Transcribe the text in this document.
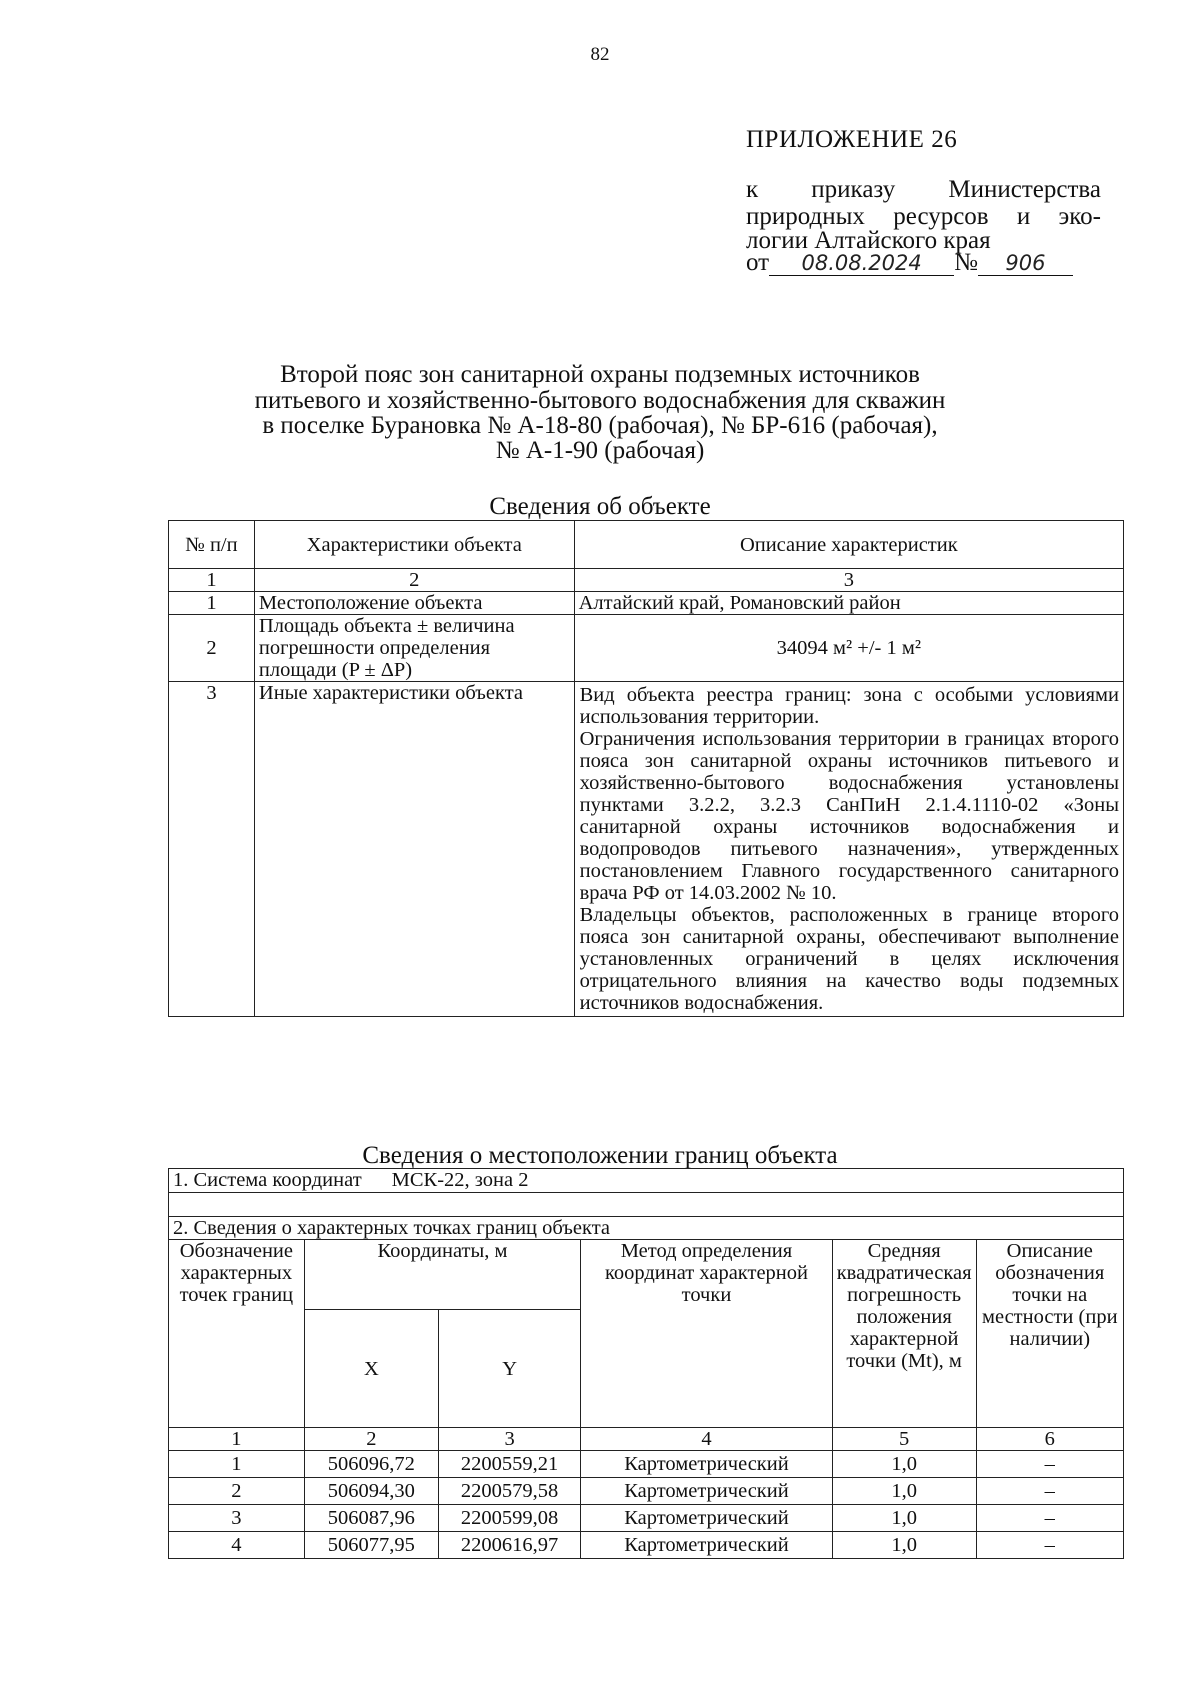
82
ПРИЛОЖЕНИЕ 26
к приказу Министерства
природных ресурсов и эко-
логии Алтайского края
от 08.08.2024 № 906
Второй пояс зон санитарной охраны подземных источников
питьевого и хозяйственно-бытового водоснабжения для скважин
в поселке Бурановка № А-18-80 (рабочая), № БР-616 (рабочая),
№ А-1-90 (рабочая)
Сведения об объекте
№ п/п	Характеристики объекта	Описание характеристик
1	2	3
1	Местоположение объекта	Алтайский край, Романовский район
2	Площадь объекта ± величина погрешности определения площади (P ± ΔP)	34094 м² +/- 1 м²
3	Иные характеристики объекта	Вид объекта реестра границ: зона с особыми условиями использования территории.
Ограничения использования территории в границах второго пояса зон санитарной охраны источников питьевого и хозяйственно-бытового водоснабжения установлены пунктами 3.2.2, 3.2.3 СанПиН 2.1.4.1110-02 «Зоны санитарной охраны источников водоснабжения и водопроводов питьевого назначения», утвержденных постановлением Главного государственного санитарного врача РФ от 14.03.2002 № 10.
Владельцы объектов, расположенных в границе второго пояса зон санитарной охраны, обеспечивают выполнение установленных ограничений в целях исключения отрицательного влияния на качество воды подземных источников водоснабжения.
Сведения о местоположении границ объекта
1. Система координат МСК-22, зона 2					

2. Сведения о характерных точках границ объекта					
Обозначение характерных точек границ	Координаты, м		Метод определения координат характерной точки	Средняя квадратическая погрешность положения характерной точки (Mt), м	Описание обозначения точки на местности (при наличии)
	X	Y			
1	2	3	4	5	6
1	506096,72	2200559,21	Картометрический	1,0	–
2	506094,30	2200579,58	Картометрический	1,0	–
3	506087,96	2200599,08	Картометрический	1,0	–
4	506077,95	2200616,97	Картометрический	1,0	–
